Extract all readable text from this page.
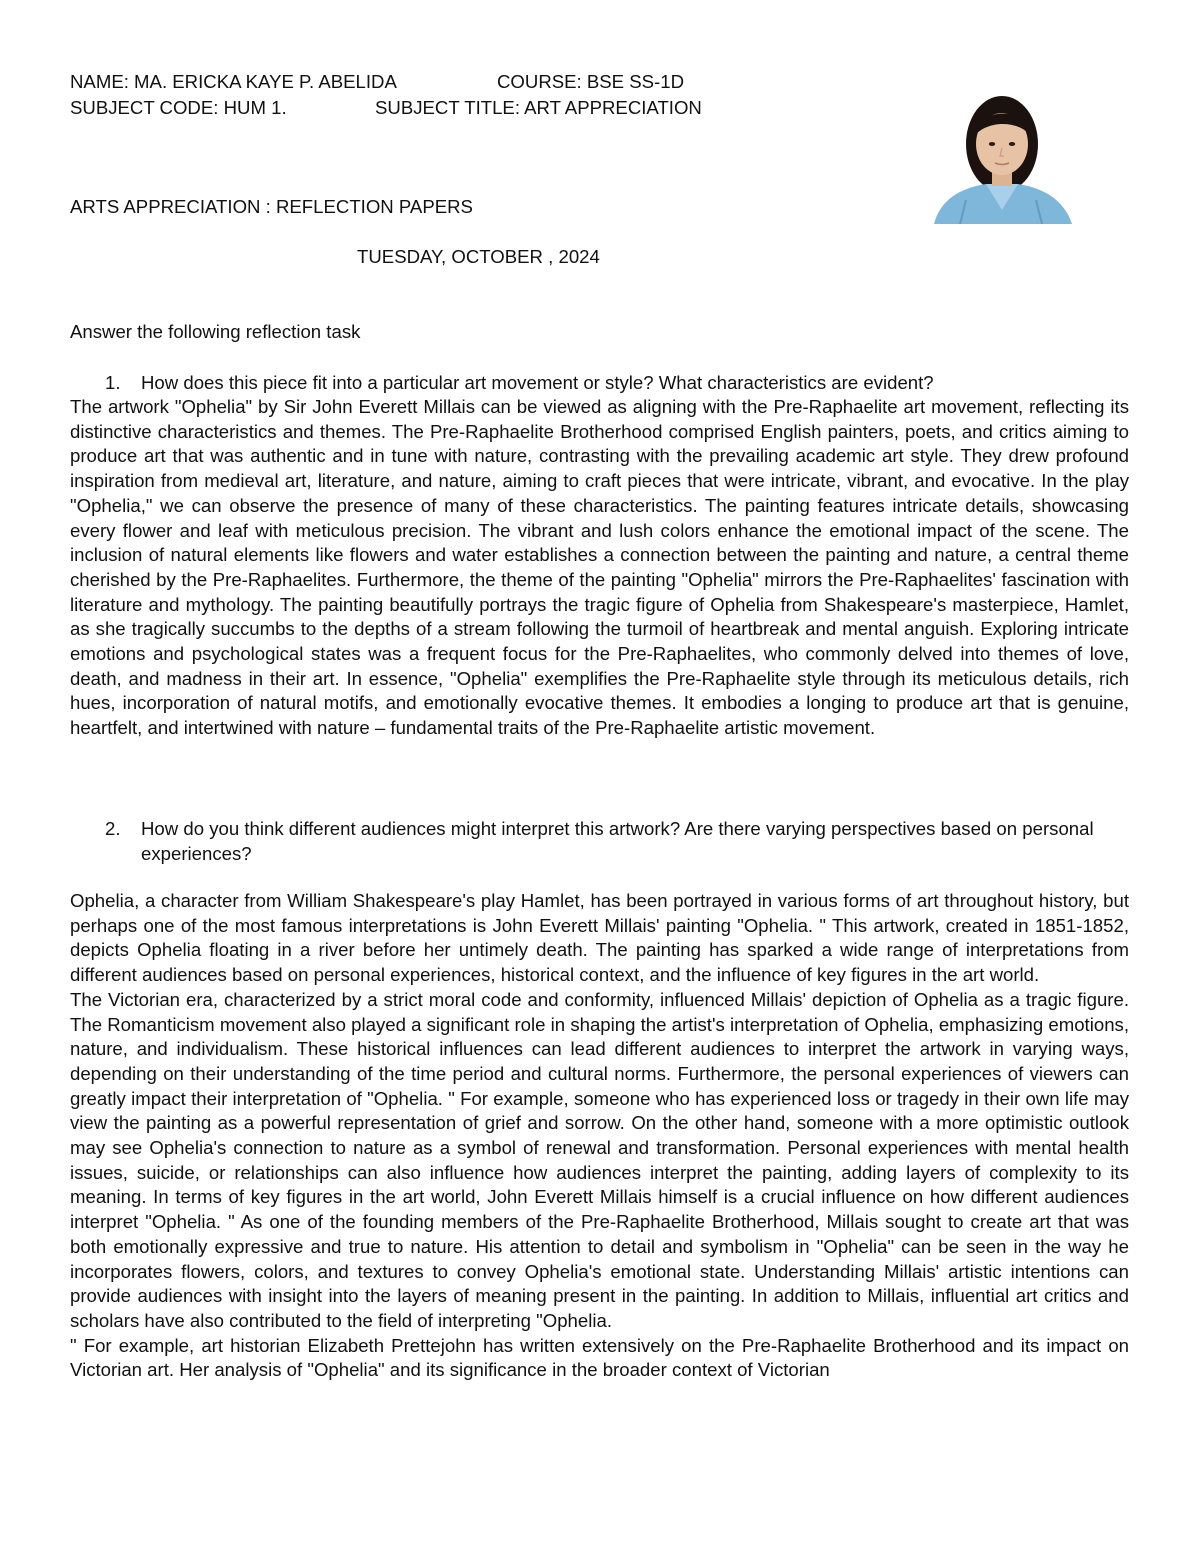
NAME: MA. ERICKA KAYE P. ABELIDA	COURSE: BSE SS-1D
SUBJECT CODE: HUM 1.	SUBJECT TITLE: ART APPRECIATION
ARTS APPRECIATION : REFLECTION PAPERS
TUESDAY, OCTOBER , 2024
Answer the following reflection task
1.	How does this piece fit into a particular art movement or style? What characteristics are evident?

The artwork "Ophelia" by Sir John Everett Millais can be viewed as aligning with the Pre-Raphaelite art movement, reflecting its distinctive characteristics and themes. The Pre-Raphaelite Brotherhood comprised English painters, poets, and critics aiming to produce art that was authentic and in tune with nature, contrasting with the prevailing academic art style. They drew profound inspiration from medieval art, literature, and nature, aiming to craft pieces that were intricate, vibrant, and evocative. In the play "Ophelia," we can observe the presence of many of these characteristics. The painting features intricate details, showcasing every flower and leaf with meticulous precision. The vibrant and lush colors enhance the emotional impact of the scene. The inclusion of natural elements like flowers and water establishes a connection between the painting and nature, a central theme cherished by the Pre-Raphaelites. Furthermore, the theme of the painting "Ophelia" mirrors the Pre-Raphaelites' fascination with literature and mythology. The painting beautifully portrays the tragic figure of Ophelia from Shakespeare's masterpiece, Hamlet, as she tragically succumbs to the depths of a stream following the turmoil of heartbreak and mental anguish. Exploring intricate emotions and psychological states was a frequent focus for the Pre-Raphaelites, who commonly delved into themes of love, death, and madness in their art. In essence, "Ophelia" exemplifies the Pre-Raphaelite style through its meticulous details, rich hues, incorporation of natural motifs, and emotionally evocative themes. It embodies a longing to produce art that is genuine, heartfelt, and intertwined with nature – fundamental traits of the Pre-Raphaelite artistic movement.

2.	How do you think different audiences might interpret this artwork? Are there varying perspectives based on personal experiences?

Ophelia, a character from William Shakespeare's play Hamlet, has been portrayed in various forms of art throughout history, but perhaps one of the most famous interpretations is John Everett Millais' painting "Ophelia. " This artwork, created in 1851-1852, depicts Ophelia floating in a river before her untimely death. The painting has sparked a wide range of interpretations from different audiences based on personal experiences, historical context, and the influence of key figures in the art world.

The Victorian era, characterized by a strict moral code and conformity, influenced Millais' depiction of Ophelia as a tragic figure. The Romanticism movement also played a significant role in shaping the artist's interpretation of Ophelia, emphasizing emotions, nature, and individualism. These historical influences can lead different audiences to interpret the artwork in varying ways, depending on their understanding of the time period and cultural norms. Furthermore, the personal experiences of viewers can greatly impact their interpretation of "Ophelia. " For example, someone who has experienced loss or tragedy in their own life may view the painting as a powerful representation of grief and sorrow. On the other hand, someone with a more optimistic outlook may see Ophelia's connection to nature as a symbol of renewal and transformation. Personal experiences with mental health issues, suicide, or relationships can also influence how audiences interpret the painting, adding layers of complexity to its meaning. In terms of key figures in the art world, John Everett Millais himself is a crucial influence on how different audiences interpret "Ophelia. " As one of the founding members of the Pre-Raphaelite Brotherhood, Millais sought to create art that was both emotionally expressive and true to nature. His attention to detail and symbolism in "Ophelia" can be seen in the way he incorporates flowers, colors, and textures to convey Ophelia's emotional state. Understanding Millais' artistic intentions can provide audiences with insight into the layers of meaning present in the painting. In addition to Millais, influential art critics and scholars have also contributed to the field of interpreting "Ophelia.

" For example, art historian Elizabeth Prettejohn has written extensively on the Pre-Raphaelite Brotherhood and its impact on Victorian art. Her analysis of "Ophelia" and its significance in the broader context of Victorian
